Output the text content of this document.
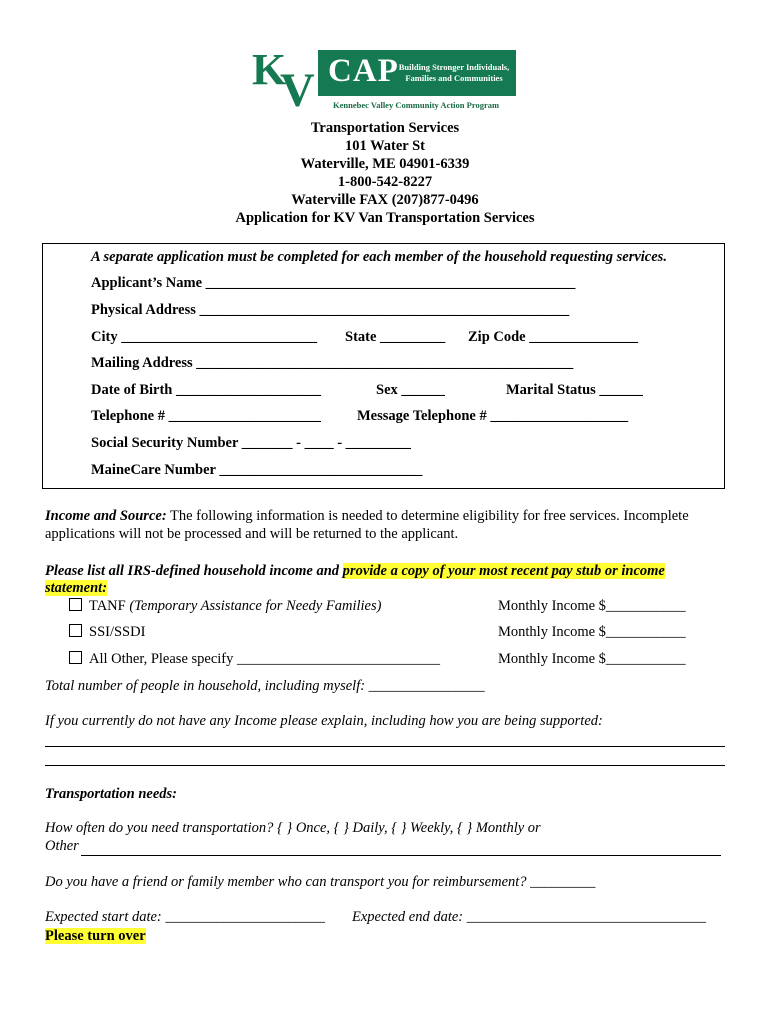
K
V CAP Building Stronger Individuals,
Families and Communities
Kennebec Valley Community Action Program
Transportation Services
101 Water St
Waterville, ME 04901-6339
1-800-542-8227
Waterville FAX (207)877-0496
Application for KV Van Transportation Services
A separate application must be completed for each member of the household requesting services.
Applicant’s Name ___________________________________________________
Physical Address ___________________________________________________
City ___________________________ State _________ Zip Code _______________
Mailing Address ____________________________________________________
Date of Birth ____________________	Sex ______	Marital Status ______
Telephone # _____________________ Message Telephone # ___________________
Social Security Number _______ - ____ - _________
MaineCare Number ____________________________
Income and Source: The following information is needed to determine eligibility for free services. Incomplete
applications will not be processed and will be returned to the applicant.
Please list all IRS-defined household income and provide a copy of your most recent pay stub or income
statement:
TANF (Temporary Assistance for Needy Families)	Monthly Income $___________
SSI/SSDI	Monthly Income $___________
All Other, Please specify ____________________________	Monthly Income $___________
Total number of people in household, including myself: ________________
If you currently do not have any Income please explain, including how you are being supported:
Transportation needs:
How often do you need transportation? { } Once, { } Daily, { } Weekly, { } Monthly or
Other
Do you have a friend or family member who can transport you for reimbursement? _________
Expected start date: ______________________ Expected end date: _________________________________
Please turn over
